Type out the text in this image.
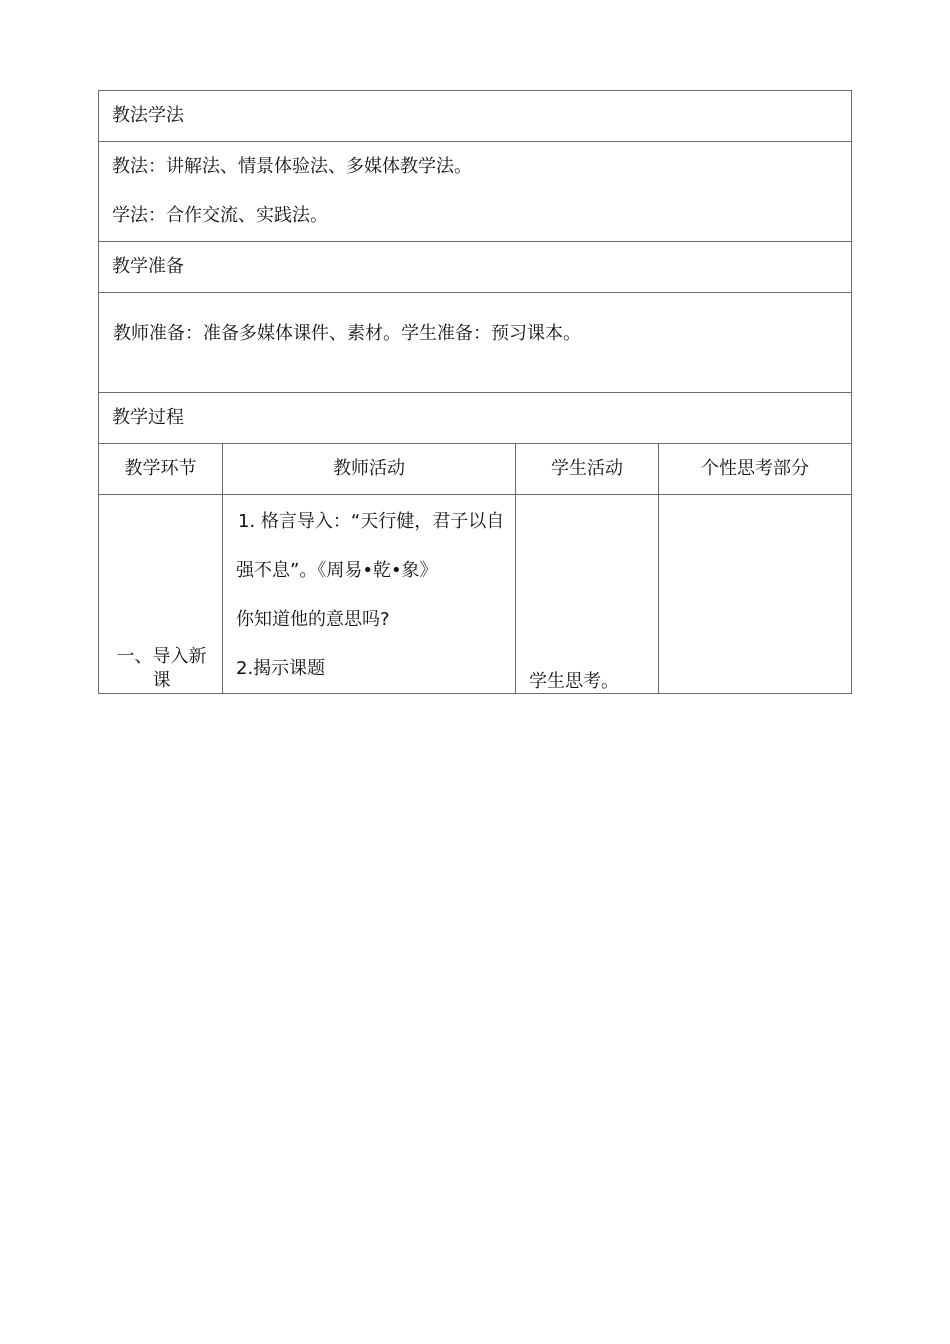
教法学法			

教法：讲解法、情景体验法、多媒体教学法。

学法：合作交流、实践法。			

教学准备			

教师准备：准备多媒体课件、素材。学生准备：预习课本。			

教学过程			
教学环节	教师活动	学生活动	个性思考部分

一、导入新课	1. 格言导入：“天行健，君子以自

强不息”。《周易•乾•象》

你知道他的意思吗?

2.揭示课题	学生思考。	
